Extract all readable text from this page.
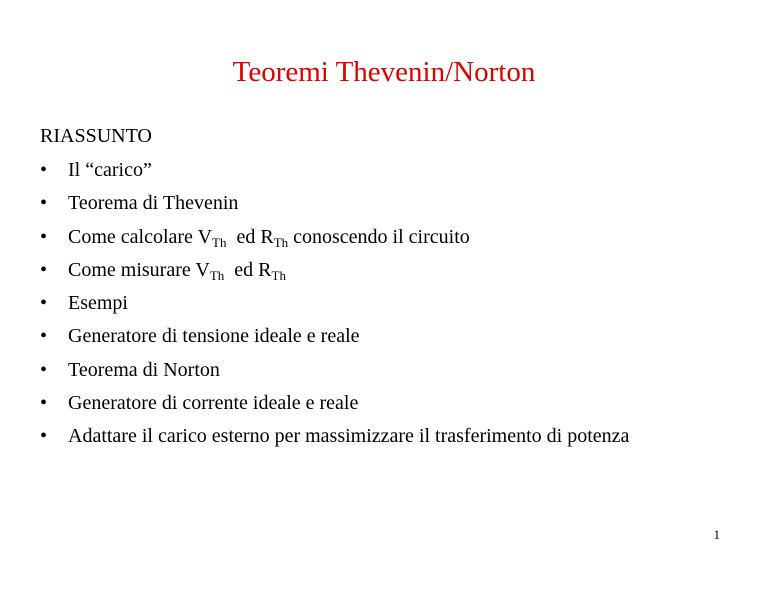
Teoremi Thevenin/Norton
RIASSUNTO
• Il “carico”
• Teorema di Thevenin
• Come calcolare $V_{Th}$  ed $R_{Th}$ conoscendo il circuito
• Come misurare $V_{Th}$  ed $R_{Th}$
• Esempi
• Generatore di tensione ideale e reale
• Teorema di Norton
• Generatore di corrente ideale e reale
• Adattare il carico esterno per massimizzare il trasferimento di potenza
1
